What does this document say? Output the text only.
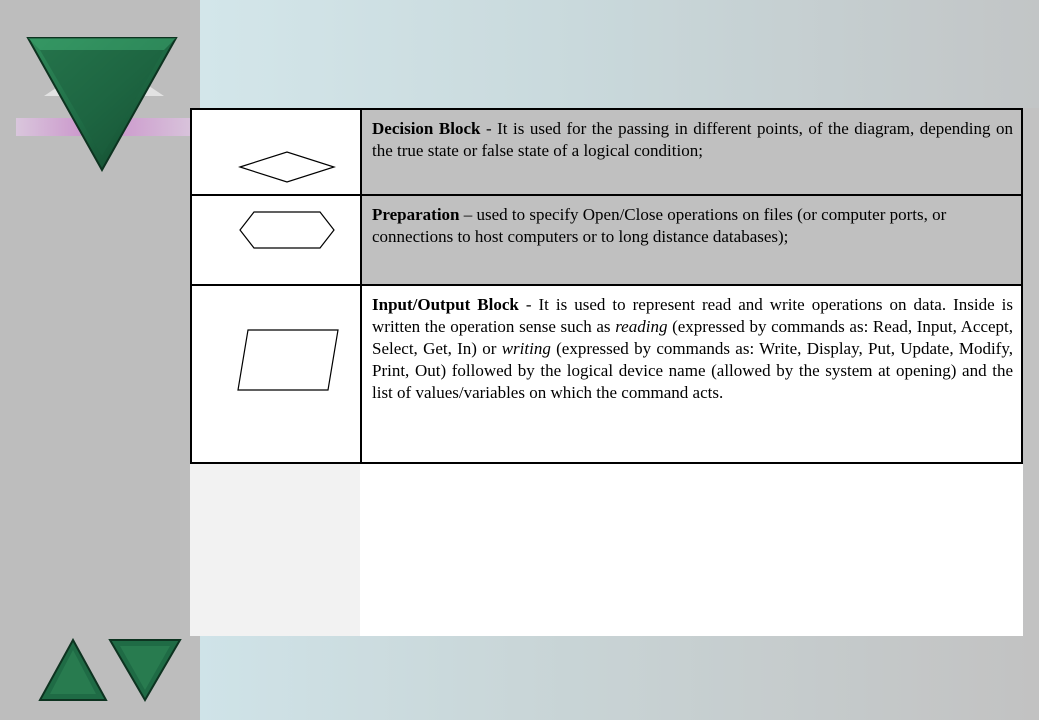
	Decision Block - It is used for the passing in different points, of the diagram, depending on the true state or false state of a logical condition;

	Preparation – used to specify Open/Close operations on files (or computer ports, or connections to host computers or to long distance databases);

	Input/Output Block - It is used to represent read and write operations on data. Inside is written the operation sense such as reading (expressed by commands as: Read, Input, Accept, Select, Get, In) or writing (expressed by commands as: Write, Display, Put, Update, Modify, Print, Out) followed by the logical device name (allowed by the system at opening) and the list of values/variables on which the command acts.
